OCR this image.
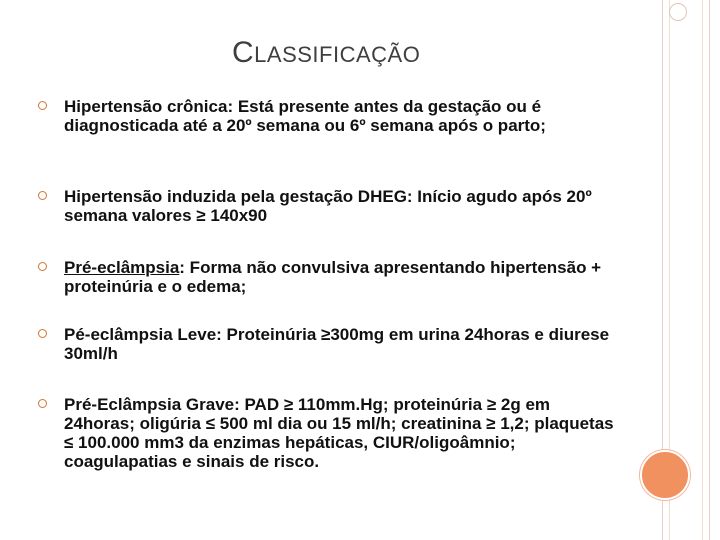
CLASSIFICAÇÃO
Hipertensão crônica: Está presente antes da gestação ou é diagnosticada até a 20º semana ou 6º semana após o parto;
Hipertensão induzida pela gestação DHEG: Início agudo após 20º semana valores ≥ 140x90
Pré-eclâmpsia: Forma não convulsiva apresentando hipertensão + proteinúria e o edema;
Pé-eclâmpsia Leve: Proteinúria ≥300mg em urina 24horas e diurese 30ml/h
Pré-Eclâmpsia Grave: PAD ≥ 110mm.Hg; proteinúria ≥ 2g em 24horas; oligúria ≤ 500 ml dia ou 15 ml/h; creatinina ≥ 1,2; plaquetas ≤ 100.000 mm3 da enzimas hepáticas, CIUR/oligoâmnio; coagulapatias e sinais de risco.
